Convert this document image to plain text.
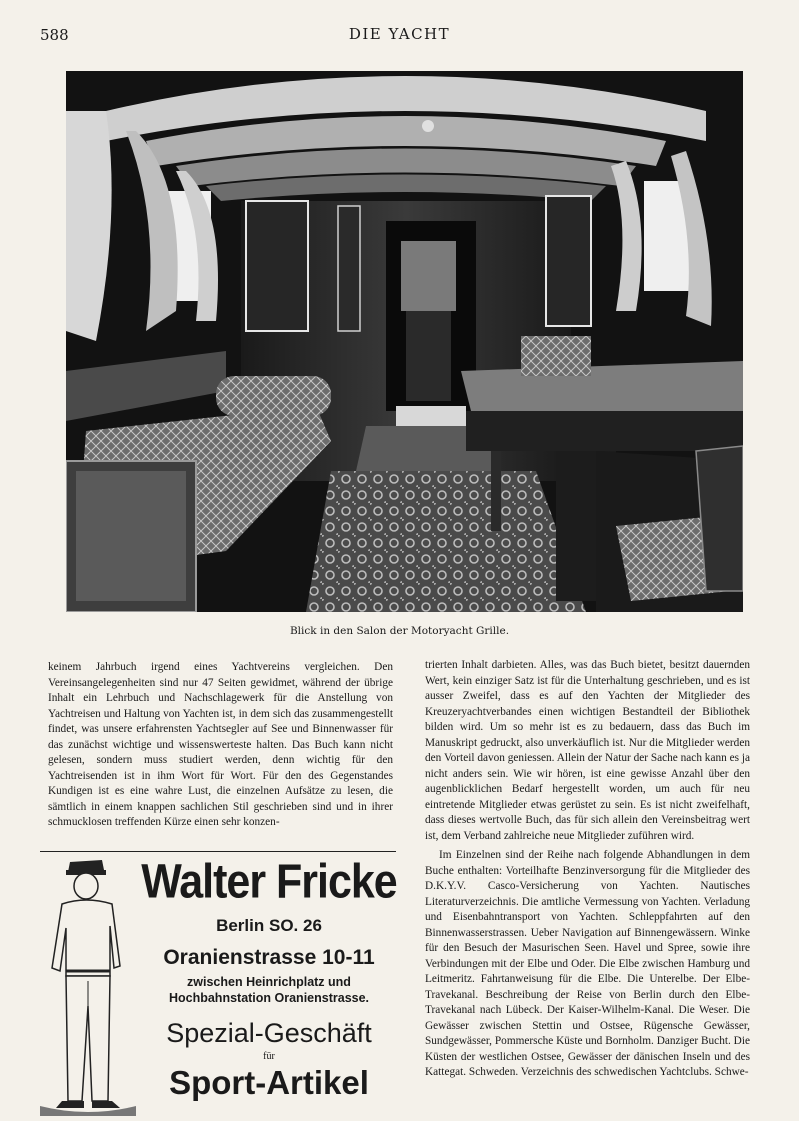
588	DIE YACHT
Blick in den Salon der Motoryacht Grille.

keinem Jahrbuch irgend eines Yachtvereins vergleichen. Den Vereinsangelegenheiten sind nur 47 Seiten gewidmet, während der übrige Inhalt ein Lehrbuch und Nachschlagewerk für die Anstellung von Yachtreisen und Haltung von Yachten ist, in dem sich das zusammengestellt findet, was unsere erfahrensten Yachtsegler auf See und Binnenwasser für das zunächst wichtige und wissenswerteste halten. Das Buch kann nicht gelesen, sondern muss studiert werden, denn wichtig für den Yachtreisenden ist in ihm Wort für Wort. Für den des Gegenstandes Kundigen ist es eine wahre Lust, die einzelnen Aufsätze zu lesen, die sämtlich in einem knappen sachlichen Stil geschrieben sind und in ihrer schmucklosen treffenden Kürze einen sehr konzen-

trierten Inhalt darbieten. Alles, was das Buch bietet, besitzt dauernden Wert, kein einziger Satz ist für die Unterhaltung geschrieben, und es ist ausser Zweifel, dass es auf den Yachten der Mitglieder des Kreuzeryachtverbandes einen wichtigen Bestandteil der Bibliothek bilden wird. Um so mehr ist es zu bedauern, dass das Buch im Manuskript gedruckt, also unverkäuflich ist. Nur die Mitglieder werden den Vorteil davon geniessen. Allein der Natur der Sache nach kann es ja nicht anders sein. Wie wir hören, ist eine gewisse Anzahl über den augenblicklichen Bedarf hergestellt worden, um auch für neu eintretende Mitglieder etwas gerüstet zu sein. Es ist nicht zweifelhaft, dass dieses wertvolle Buch, das für sich allein den Vereinsbeitrag wert ist, dem Verband zahlreiche neue Mitglieder zuführen wird.

Im Einzelnen sind der Reihe nach folgende Abhandlungen in dem Buche enthalten: Vorteilhafte Benzinversorgung für die Mitglieder des D.K.Y.V. Casco-Versicherung von Yachten. Nautisches Literaturverzeichnis. Die amtliche Vermessung von Yachten. Verladung und Eisenbahntransport von Yachten. Schleppfahrten auf den Binnenwasserstrassen. Ueber Navigation auf Binnengewässern. Winke für den Besuch der Masurischen Seen. Havel und Spree, sowie ihre Verbindungen mit der Elbe und Oder. Die Elbe zwischen Hamburg und Leitmeritz. Fahrtanweisung für die Elbe. Die Unterelbe. Der Elbe-Travekanal. Beschreibung der Reise von Berlin durch den Elbe-Travekanal nach Lübeck. Der Kaiser-Wilhelm-Kanal. Die Weser. Die Gewässer zwischen Stettin und Ostsee, Rügensche Gewässer, Sundgewässer, Pommersche Küste und Bornholm. Danziger Bucht. Die Küsten der westlichen Ostsee, Gewässer der dänischen Inseln und des Kattegat. Schweden. Verzeichnis des schwedischen Yachtclubs. Schwe-

Walter Fricke
Berlin SO. 26
Oranienstrasse 10-11
zwischen Heinrichplatz und Hochbahnstation Oranienstrasse.
Spezial-Geschäft
für
Sport-Artikel
